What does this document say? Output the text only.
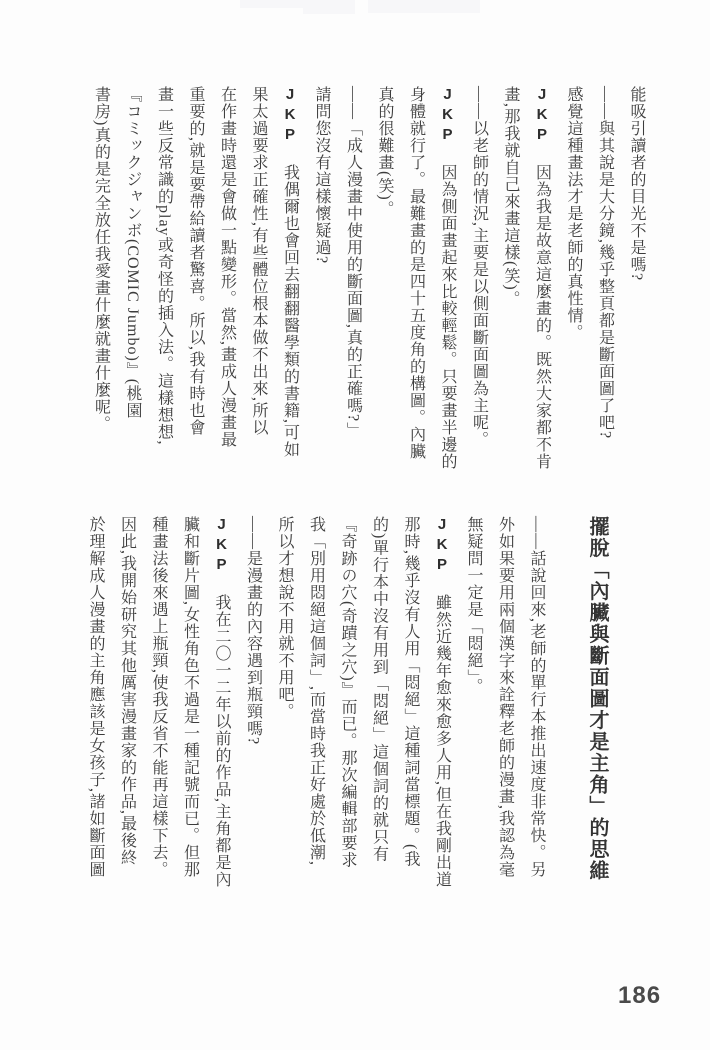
能吸引讀者的目光不是嗎?
——與其說是大分鏡,幾乎整頁都是斷面圖了吧?
感覺這種畫法才是老師的真性情。
JKP因為我是故意這麼畫的。既然大家都不肯
畫,那我就自己來畫這樣(笑)。
——以老師的情況,主要是以側面斷面圖為主呢。
JKP因為側面畫起來比較輕鬆。只要畫半邊的
身體就行了。最難畫的是四十五度角的構圖。內臟
真的很難畫(笑)。
——「成人漫畫中使用的斷面圖,真的正確嗎?」
請問您沒有這樣懷疑過?
JKP我偶爾也會回去翻翻醫學類的書籍,可如
果太過要求正確性,有些體位根本做不出來,所以
在作畫時還是會做一點變形。當然,畫成人漫畫最
重要的,就是要帶給讀者驚喜。所以,我有時也會
畫一些反常識的play或奇怪的插入法。這樣想想,
『コミックジャンボ(COMIC Jumbo)』(桃園
書房)真的是完全放任我愛畫什麼就畫什麼呢。
擺脫「內臟與斷面圖才是主角」的思維
——話說回來,老師的單行本推出速度非常快。另
外如果要用兩個漢字來詮釋老師的漫畫,我認為毫
無疑問一定是「悶絕」。
JKP雖然近幾年愈來愈多人用,但在我剛出道
那時,幾乎沒有人用「悶絕」這種詞當標題。(我
的)單行本中沒有用到「悶絕」這個詞的就只有
『奇跡の穴(奇蹟之穴)』而已。那次編輯部要求
我「別用悶絕這個詞」,而當時我正好處於低潮,
所以才想說不用就不用吧。
——是漫畫的內容遇到瓶頸嗎?
JKP我在二〇一二年以前的作品,主角都是內
臟和斷片圖,女性角色不過是一種記號而已。但那
種畫法後來遇上瓶頸,使我反省不能再這樣下去。
因此,我開始研究其他厲害漫畫家的作品,最後終
於理解成人漫畫的主角應該是女孩子,諸如斷面圖
186
